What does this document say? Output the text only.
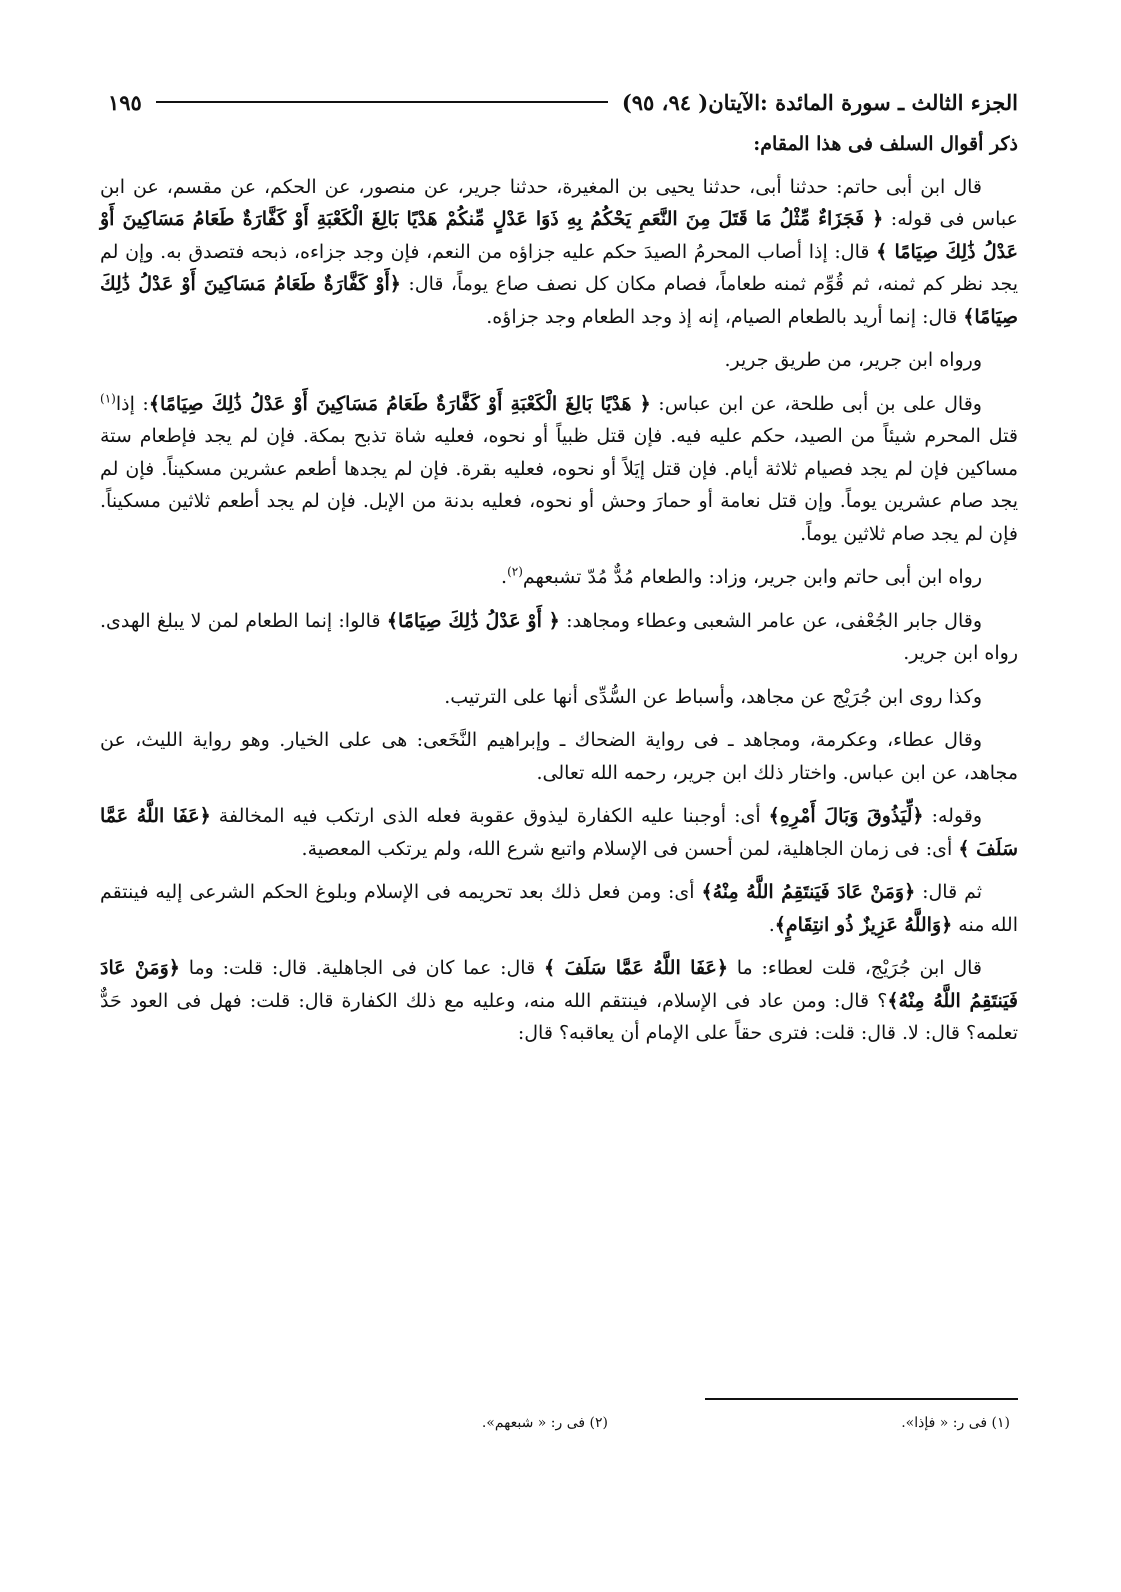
الجزء الثالث ـ سورة المائدة :الآيتان( ٩٤، ٩٥)
١٩٥
ذكر أقوال السلف فى هذا المقام:

قال ابن أبى حاتم: حدثنا أبى، حدثنا يحيى بن المغيرة، حدثنا جرير، عن منصور، عن الحكم، عن مقسم، عن ابن عباس فى قوله: ﴿ فَجَزَاءٌ مِّثْلُ مَا قَتَلَ مِنَ النَّعَمِ يَحْكُمُ بِهِ ذَوَا عَدْلٍ مِّنكُمْ هَدْيًا بَالِغَ الْكَعْبَةِ أَوْ كَفَّارَةٌ طَعَامُ مَسَاكِينَ أَوْ عَدْلُ ذَٰلِكَ صِيَامًا ﴾ قال: إذا أصاب المحرمُ الصيدَ حكم عليه جزاؤه من النعم، فإن وجد جزاءه، ذبحه فتصدق به. وإن لم يجد نظر كم ثمنه، ثم قُوِّم ثمنه طعاماً، فصام مكان كل نصف صاع يوماً، قال: ﴿أَوْ كَفَّارَةٌ طَعَامُ مَسَاكِينَ أَوْ عَدْلُ ذَٰلِكَ صِيَامًا﴾ قال: إنما أريد بالطعام الصيام، إنه إذ وجد الطعام وجد جزاؤه.

ورواه ابن جرير، من طريق جرير.

وقال على بن أبى طلحة، عن ابن عباس: ﴿ هَدْيًا بَالِغَ الْكَعْبَةِ أَوْ كَفَّارَةٌ طَعَامُ مَسَاكِينَ أَوْ عَدْلُ ذَٰلِكَ صِيَامًا﴾: إذا$^{(١)}$ قتل المحرم شيئاً من الصيد، حكم عليه فيه. فإن قتل ظبياً أو نحوه، فعليه شاة تذبح بمكة. فإن لم يجد فإطعام ستة مساكين فإن لم يجد فصيام ثلاثة أيام. فإن قتل إيَلاً أو نحوه، فعليه بقرة. فإن لم يجدها أطعم عشرين مسكيناً. فإن لم يجد صام عشرين يوماً. وإن قتل نعامة أو حمارَ وحش أو نحوه، فعليه بدنة من الإبل. فإن لم يجد أطعم ثلاثين مسكيناً. فإن لم يجد صام ثلاثين يوماً.

رواه ابن أبى حاتم وابن جرير، وزاد: والطعام مُدٌّ مُدّ تشبعهم$^{(٢)}$.

وقال جابر الجُعْفى، عن عامر الشعبى وعطاء ومجاهد: ﴿ أَوْ عَدْلُ ذَٰلِكَ صِيَامًا﴾ قالوا: إنما الطعام لمن لا يبلغ الهدى. رواه ابن جرير.

وكذا روى ابن جُرَيْج عن مجاهد، وأسباط عن السُّدِّى أنها على الترتيب.

وقال عطاء، وعكرمة، ومجاهد ـ فى رواية الضحاك ـ وإبراهيم النَّخَعى: هى على الخيار. وهو رواية الليث، عن مجاهد، عن ابن عباس. واختار ذلك ابن جرير، رحمه الله تعالى.

وقوله: ﴿لِّيَذُوقَ وَبَالَ أَمْرِهِ﴾ أى: أوجبنا عليه الكفارة ليذوق عقوبة فعله الذى ارتكب فيه المخالفة ﴿عَفَا اللَّهُ عَمَّا سَلَفَ ﴾ أى: فى زمان الجاهلية، لمن أحسن فى الإسلام واتبع شرع الله، ولم يرتكب المعصية.

ثم قال: ﴿وَمَنْ عَادَ فَيَنتَقِمُ اللَّهُ مِنْهُ﴾ أى: ومن فعل ذلك بعد تحريمه فى الإسلام وبلوغ الحكم الشرعى إليه فينتقم الله منه ﴿وَاللَّهُ عَزِيزٌ ذُو انتِقَامٍ﴾.

قال ابن جُرَيْج، قلت لعطاء: ما ﴿عَفَا اللَّهُ عَمَّا سَلَفَ ﴾ قال: عما كان فى الجاهلية. قال: قلت: وما ﴿وَمَنْ عَادَ فَيَنتَقِمُ اللَّهُ مِنْهُ﴾؟ قال: ومن عاد فى الإسلام، فينتقم الله منه، وعليه مع ذلك الكفارة قال: قلت: فهل فى العود حَدٌّ تعلمه؟ قال: لا. قال: قلت: فترى حقاً على الإمام أن يعاقبه؟ قال:

(١) فى ر: « فإذا».
(٢) فى ر: « شبعهم».
